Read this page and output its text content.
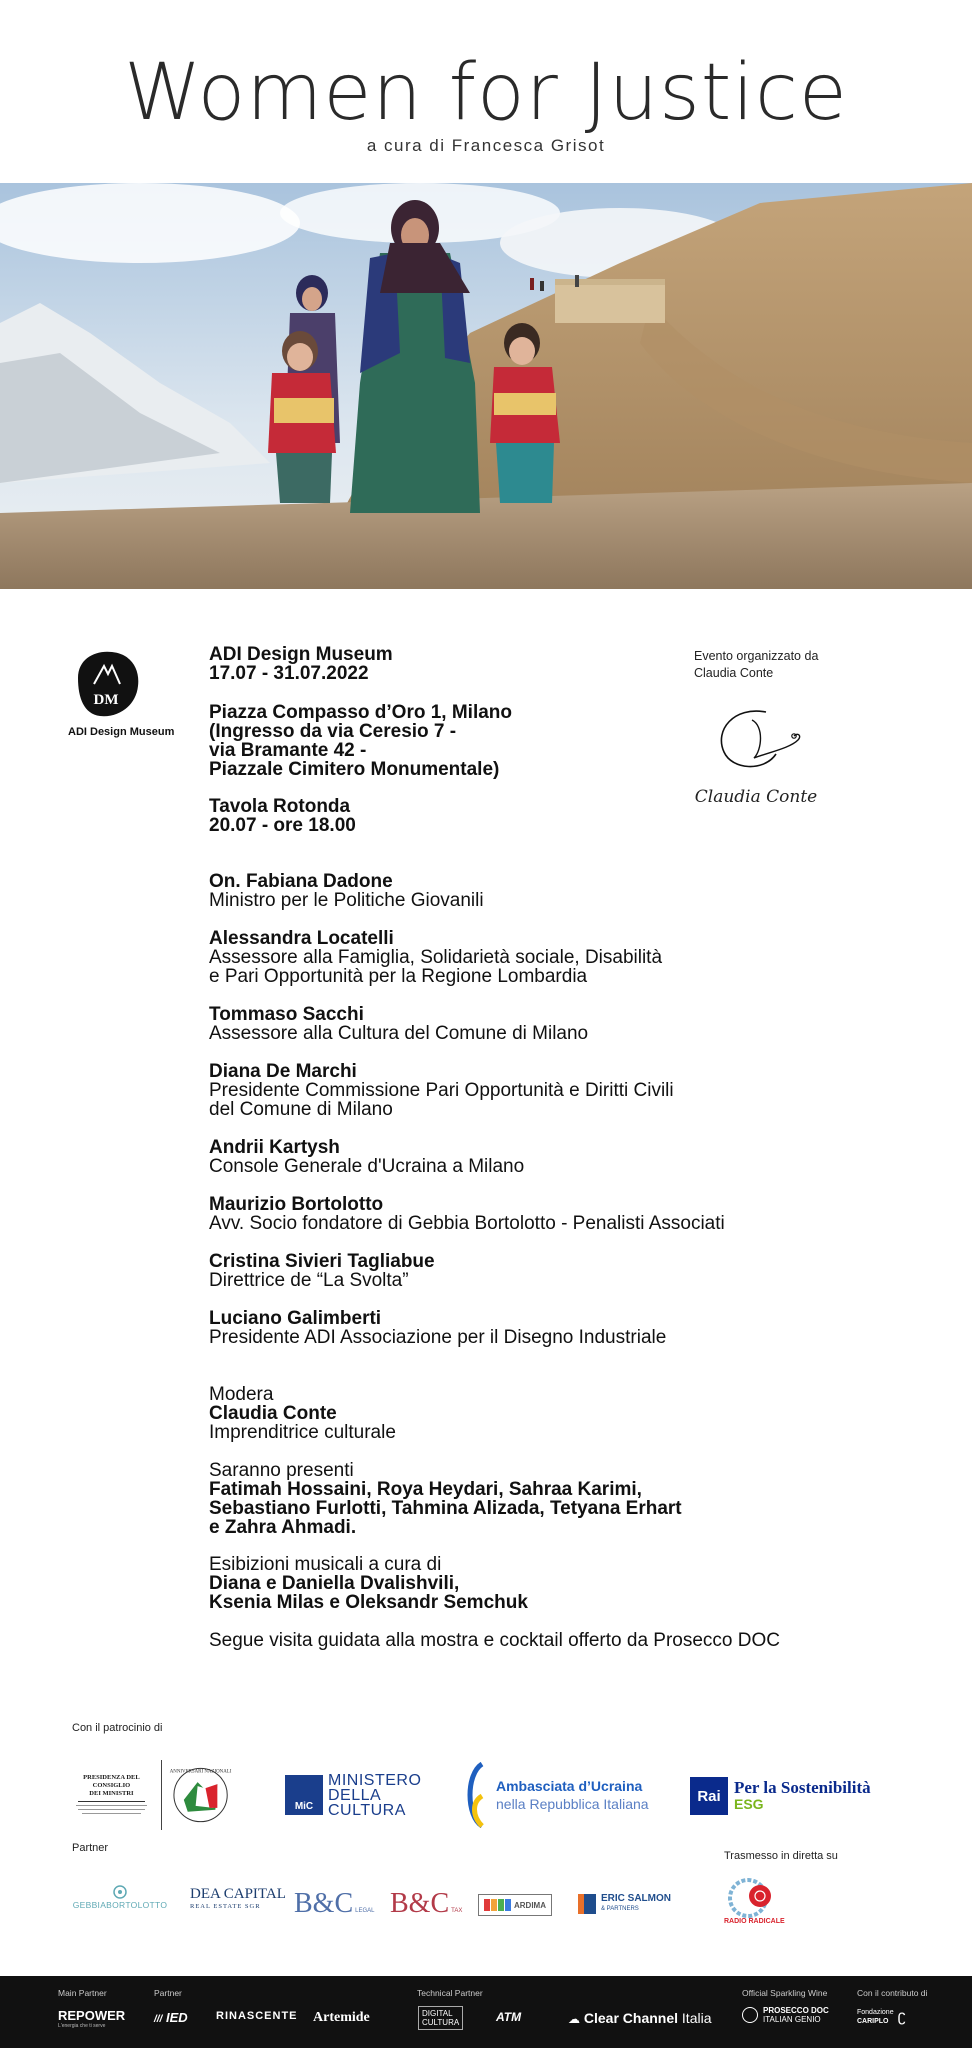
Women for Justice
a cura di Francesca Grisot
DM
ADI Design Museum

ADI Design Museum

17.07 - 31.07.2022

Piazza Compasso d’Oro 1, Milano

(Ingresso da via Ceresio 7 -

via Bramante 42 -

Piazzale Cimitero Monumentale)

Tavola Rotonda

20.07 - ore 18.00

Evento organizzato da
Claudia Conte
Claudia Conte
On. Fabiana Dadone
Ministro per le Politiche Giovanili
Alessandra Locatelli
Assessore alla Famiglia, Solidarietà sociale, Disabilità
e Pari Opportunità per la Regione Lombardia
Tommaso Sacchi
Assessore alla Cultura del Comune di Milano
Diana De Marchi
Presidente Commissione Pari Opportunità e Diritti Civili
del Comune di Milano
Andrii Kartysh
Console Generale d'Ucraina a Milano
Maurizio Bortolotto
Avv. Socio fondatore di Gebbia Bortolotto - Penalisti Associati
Cristina Sivieri Tagliabue
Direttrice de “La Svolta”
Luciano Galimberti
Presidente ADI Associazione per il Disegno Industriale
Modera
Claudia Conte
Imprenditrice culturale
Saranno presenti
Fatimah Hossaini, Roya Heydari, Sahraa Karimi,
Sebastiano Furlotti, Tahmina Alizada, Tetyana Erhart
e Zahra Ahmadi.
Esibizioni musicali a cura di
Diana e Daniella Dvalishvili,
Ksenia Milas e Oleksandr Semchuk
Segue visita guidata alla mostra e cocktail offerto da Prosecco DOC
Con il patrocinio di
PRESIDENZA DEL CONSIGLIO
DEI MINISTRI
ANNIVERSARI NAZIONALI
MiC
MINISTERO
DELLA
CULTURA
Ambasciata d’Ucraina
nella Repubblica Italiana	Rai Per la Sostenibilità
ESG
Partner
Trasmesso in diretta su
GEBBIABORTOLOTTO
DEA CAPITAL
REAL ESTATE SGR B&C LEGAL B&C TAX
ARDIMA
ERIC SALMON
& PARTNERS
RADIO RADICALE
Main Partner	Partner	Technical Partner	Official Sparkling Wine	Con il contributo di
REPOWER
L'energia che ti serve
/// IED	RINASCENTE Artemide	DIGITAL
CULTURA	ATM	☁ Clear Channel Italia	PROSECCO DOC
ITALIAN GENIO
Fondazione
CARIPLO ʗ
